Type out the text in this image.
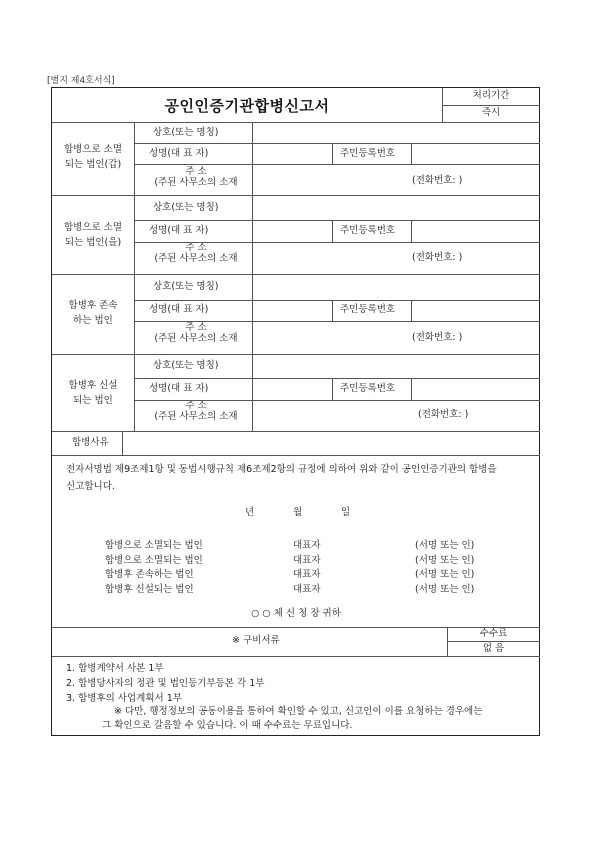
[별지 제4호서식]
공인인증기관합병신고서
처리기간
즉시
합병으로 소멸
되는 법인(갑)
상호(또는 명칭)
성명(대 표 자)	주민등록번호
주 소
(주된 사무소의 소재	(전화번호: )
합병으로 소멸
되는 법인(을)
상호(또는 명칭)
성명(대 표 자)	주민등록번호
주 소
(주된 사무소의 소재	(전화번호: )
합병후 존속
하는 법인
상호(또는 명칭)
성명(대 표 자)	주민등록번호
주 소
(주된 사무소의 소재	(전화번호: )
합병후 신설
되는 법인
상호(또는 명칭)
성명(대 표 자)	주민등록번호
주 소
(주된 사무소의 소재	(전화번호: )
합병사유
전자서명법 제9조제1항 및 동법시행규칙 제6조제2항의 규정에 의하여 위와 같이 공인인증기관의 합병을 신고합니다.
년	월	일
합병으로 소멸되는 법인	대표자	(서명 또는 인)
합병으로 소멸되는 법인	대표자	(서명 또는 인)
합병후 존속하는 법인	대표자	(서명 또는 인)
합병후 신설되는 법인	대표자	(서명 또는 인)
○ ○ 체 신 청 장 귀하
※ 구비서류
수수료
없 음
1. 합병계약서 사본 1부
2. 합병당사자의 정관 및 법인등기부등본 각 1부
3. 합병후의 사업계획서 1부
※ 다만, 행정정보의 공동이용을 통하여 확인할 수 있고, 신고인이 이를 요청하는 경우에는
그 확인으로 갈음할 수 있습니다. 이 때 수수료는 무료입니다.
